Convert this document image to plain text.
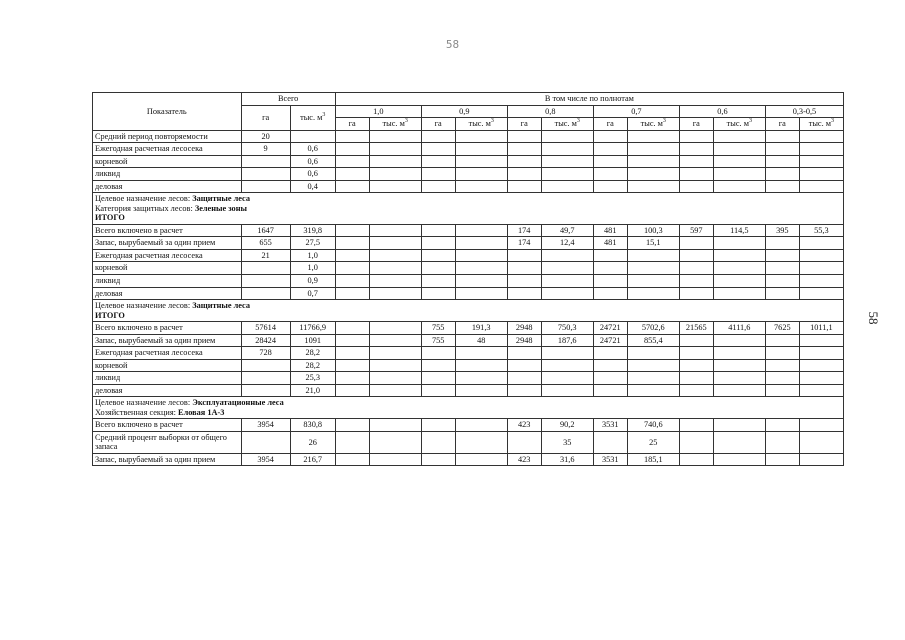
58
58
Показатель	Всего		В том числе по полнотам											
	га	тыс. $м^3$	1,0		0,9		0,8		0,7		0,6		0,3-0,5	
			га	тыс. $м^3$	га	тыс. $м^3$	га	тыс. $м^3$	га	тыс. $м^3$	га	тыс. $м^3$	га	тыс. $м^3$
Средний период повторяемости	20													
Ежегодная расчетная лесосека	9	0,6												
корневой		0,6												
ликвид		0,6												
деловая		0,4												

Целевое назначение лесов: Защитные леса
Категория защитных лесов: Зеленые зоны
ИТОГО														

Всего включено в расчет	1647	319,8					174	49,7	481	100,3	597	114,5	395	55,3
Запас, вырубаемый за один прием	655	27,5					174	12,4	481	15,1				
Ежегодная расчетная лесосека	21	1,0												
корневой		1,0												
ликвид		0,9												
деловая		0,7												

Целевое назначение лесов: Защитные леса
ИТОГО														

Всего включено в расчет	57614	11766,9			755	191,3	2948	750,3	24721	5702,6	21565	4111,6	7625	1011,1
Запас, вырубаемый за один прием	28424	1091			755	48	2948	187,6	24721	855,4				
Ежегодная расчетная лесосека	728	28,2												
корневой		28,2												
ликвид		25,3												
деловая		21,0												

Целевое назначение лесов: Эксплуатационные леса
Хозяйственная секция: Еловая 1А-3														

Всего включено в расчет	3954	830,8					423	90,2	3531	740,6				
Средний процент выборки от общего запаса		26						35		25				
Запас, вырубаемый за один прием	3954	216,7					423	31,6	3531	185,1				
